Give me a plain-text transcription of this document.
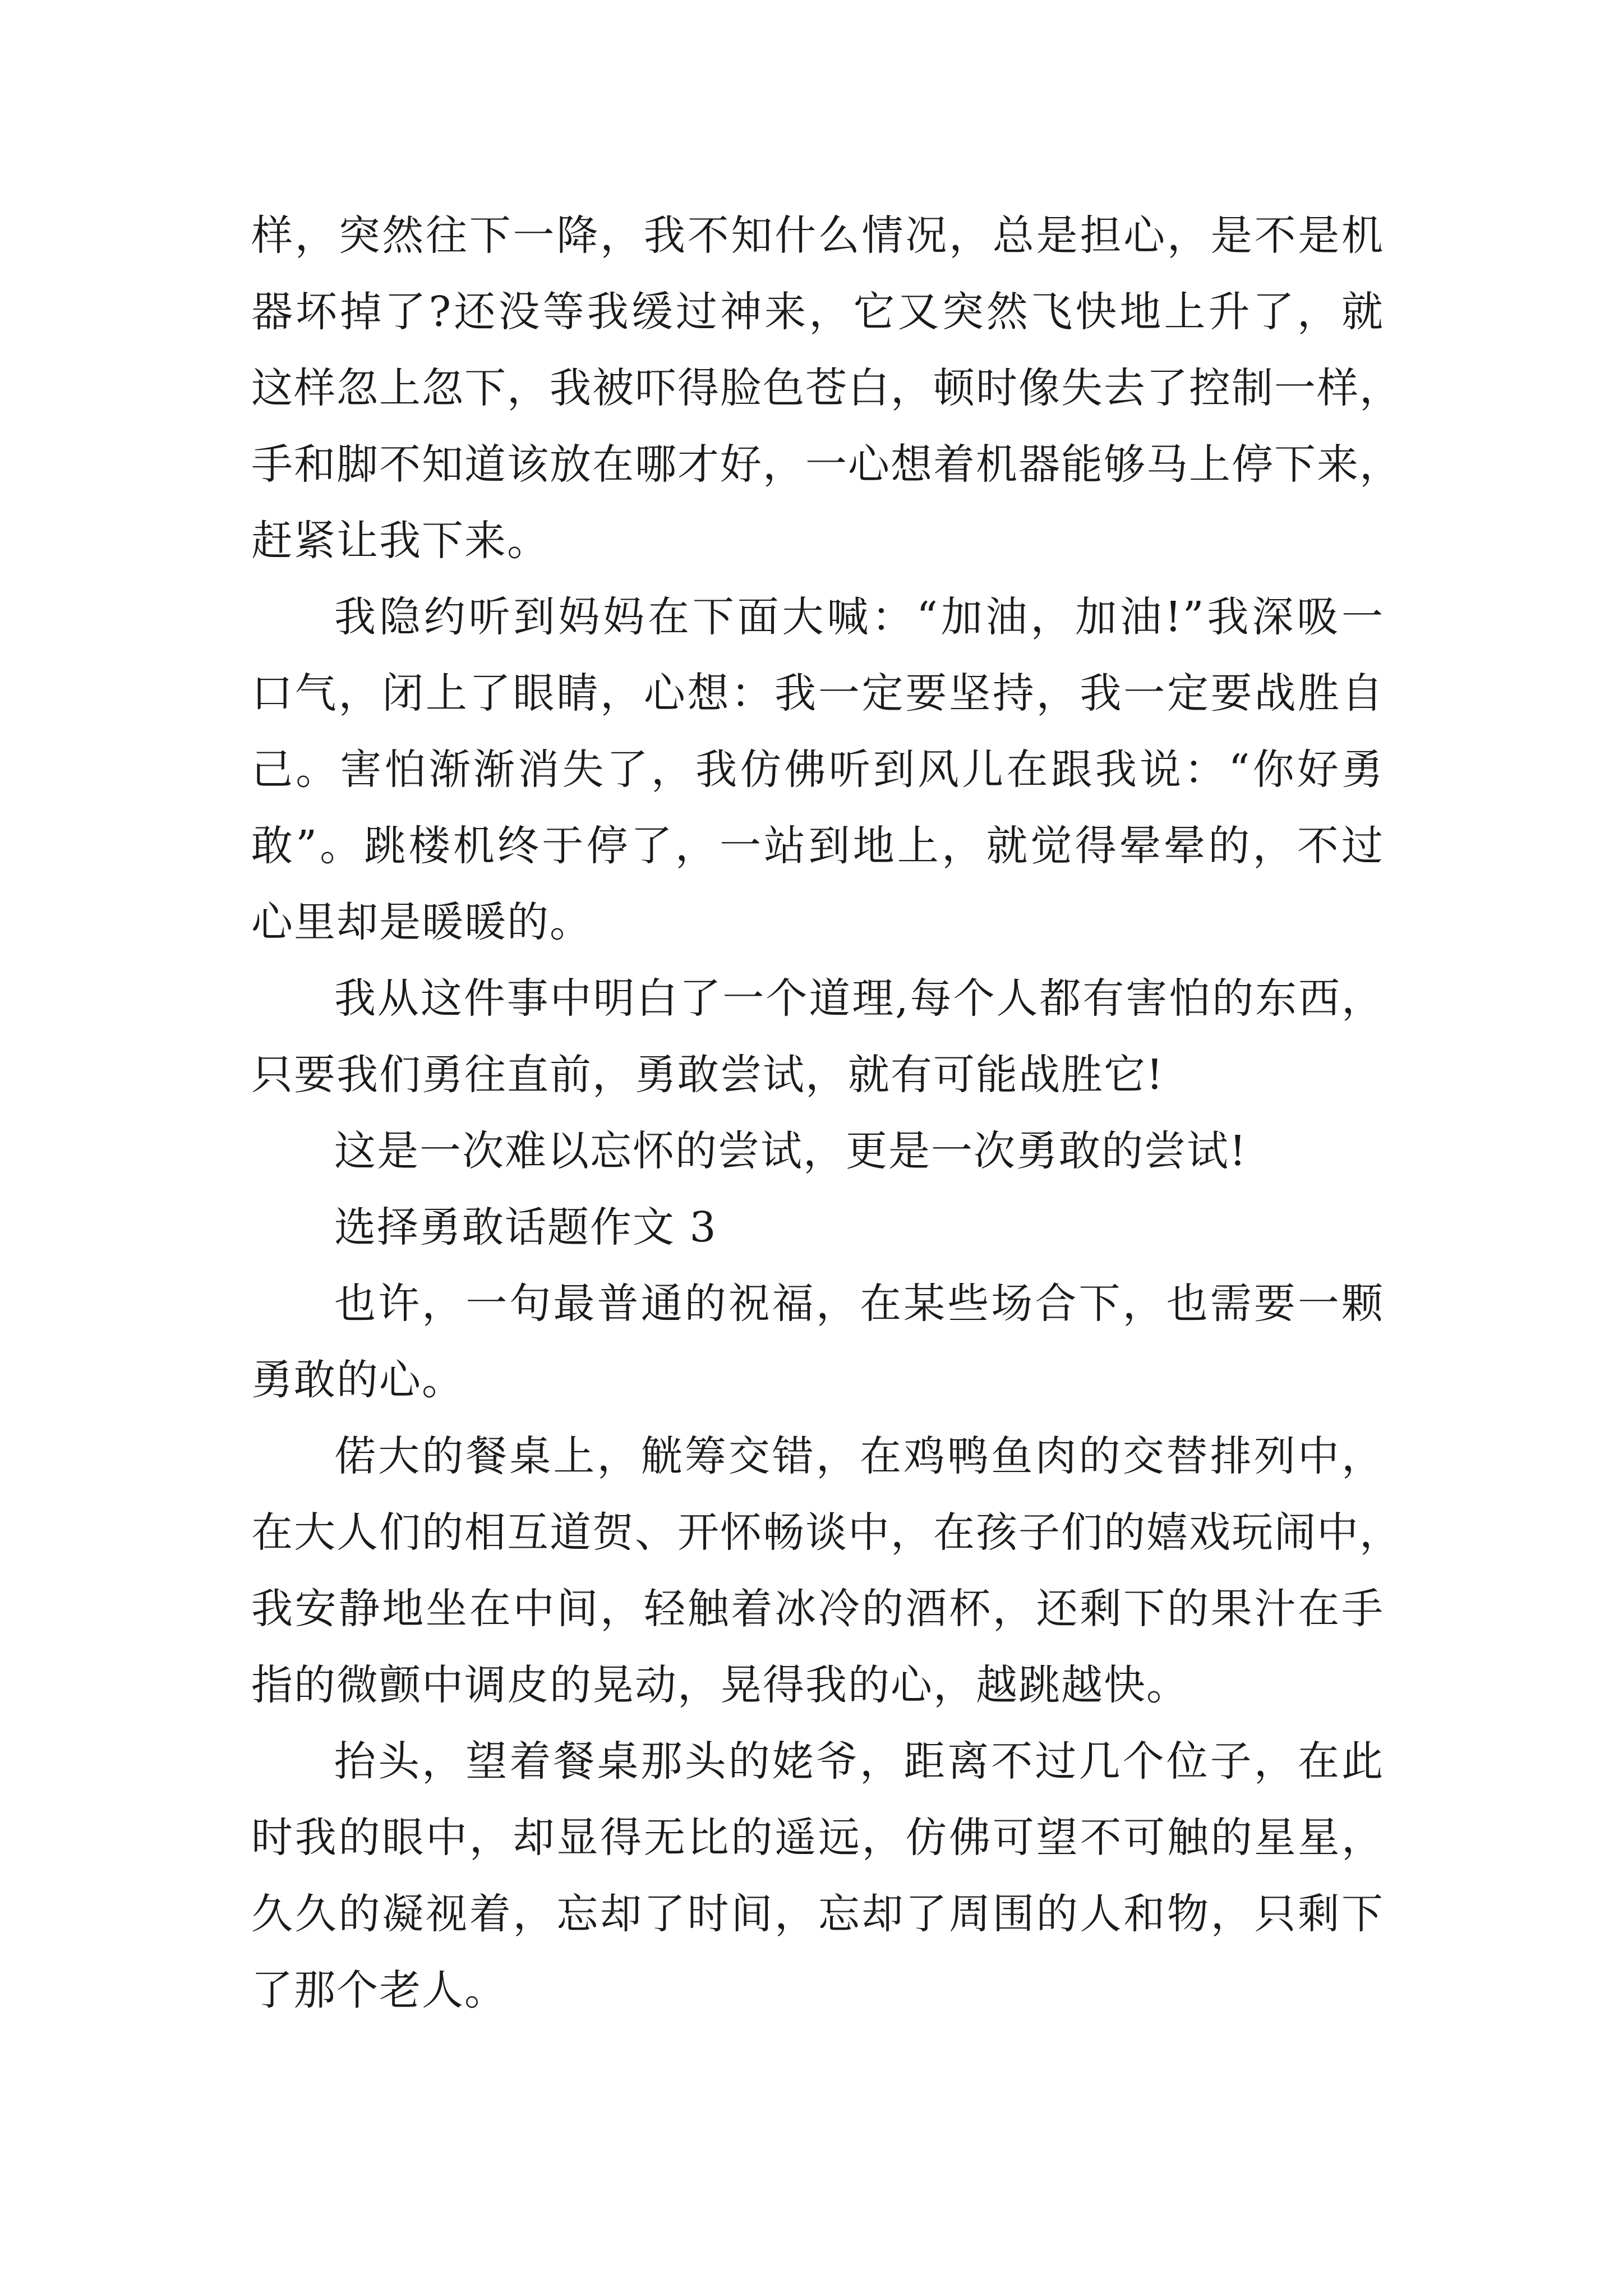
样，突然往下一降，我不知什么情况，总是担心，是不是机
器坏掉了?还没等我缓过神来，它又突然飞快地上升了，就
这样忽上忽下，我被吓得脸色苍白，顿时像失去了控制一样，
手和脚不知道该放在哪才好，一心想着机器能够马上停下来，
赶紧让我下来。
我隐约听到妈妈在下面大喊：“加油，加油!”我深吸一
口气，闭上了眼睛，心想：我一定要坚持，我一定要战胜自
己。害怕渐渐消失了，我仿佛听到风儿在跟我说：“你好勇
敢”。跳楼机终于停了，一站到地上，就觉得晕晕的，不过
心里却是暖暖的。
我从这件事中明白了一个道理,每个人都有害怕的东西，
只要我们勇往直前，勇敢尝试，就有可能战胜它!
这是一次难以忘怀的尝试，更是一次勇敢的尝试!
选择勇敢话题作文 3
也许，一句最普通的祝福，在某些场合下，也需要一颗
勇敢的心。
偌大的餐桌上，觥筹交错，在鸡鸭鱼肉的交替排列中，
在大人们的相互道贺、开怀畅谈中，在孩子们的嬉戏玩闹中，
我安静地坐在中间，轻触着冰冷的酒杯，还剩下的果汁在手
指的微颤中调皮的晃动，晃得我的心，越跳越快。
抬头，望着餐桌那头的姥爷，距离不过几个位子，在此
时我的眼中，却显得无比的遥远，仿佛可望不可触的星星，
久久的凝视着，忘却了时间，忘却了周围的人和物，只剩下
了那个老人。
